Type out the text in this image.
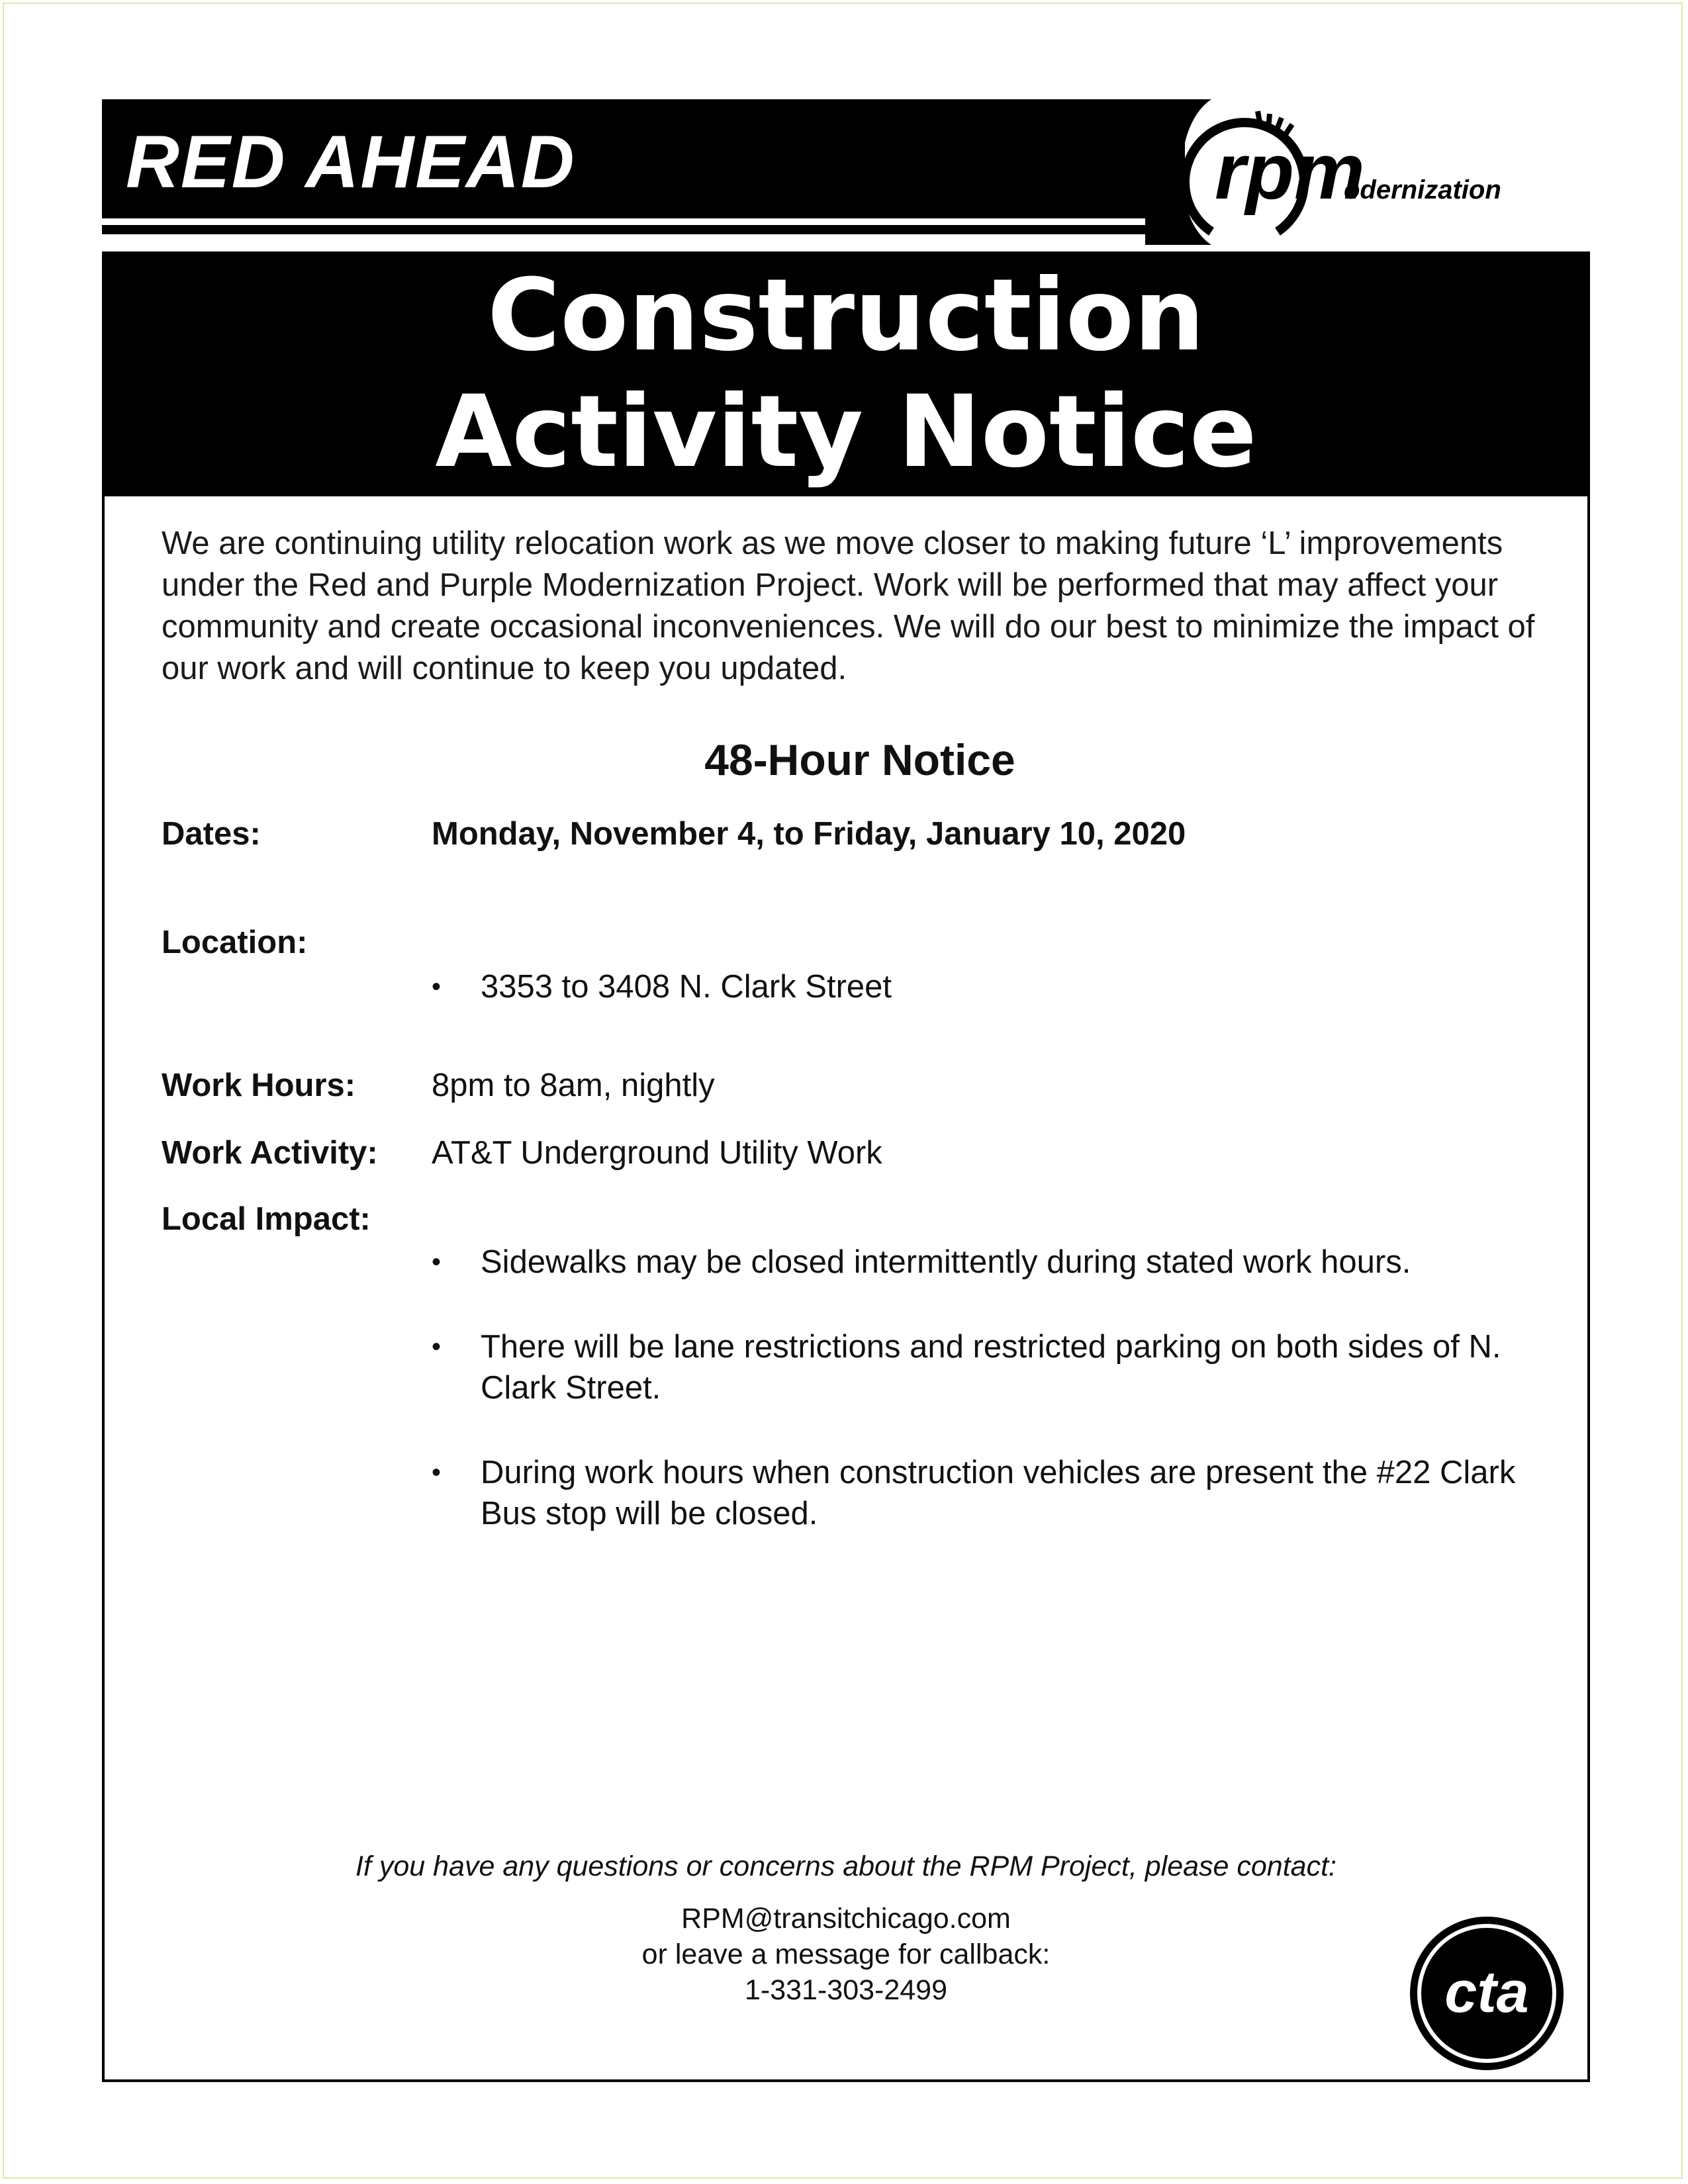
RED AHEAD	rpm
odernization
Construction
Activity Notice
We are continuing utility relocation work as we move closer to making future ‘L’ improvements under the Red and Purple Modernization Project. Work will be performed that may affect your community and create occasional inconveniences. We will do our best to minimize the impact of our work and will continue to keep you updated.
48-Hour Notice
Dates:	Monday, November 4, to Friday, January 10, 2020
Location:
•	3353 to 3408 N. Clark Street
Work Hours: 8pm to 8am, nightly
Work Activity: AT&T Underground Utility Work
Local Impact:
•	Sidewalks may be closed intermittently during stated work hours.
•	There will be lane restrictions and restricted parking on both sides of N. Clark Street.
•	During work hours when construction vehicles are present the #22 Clark Bus stop will be closed.
If you have any questions or concerns about the RPM Project, please contact:
RPM@transitchicago.com
or leave a message for callback:
1-331-303-2499	cta
